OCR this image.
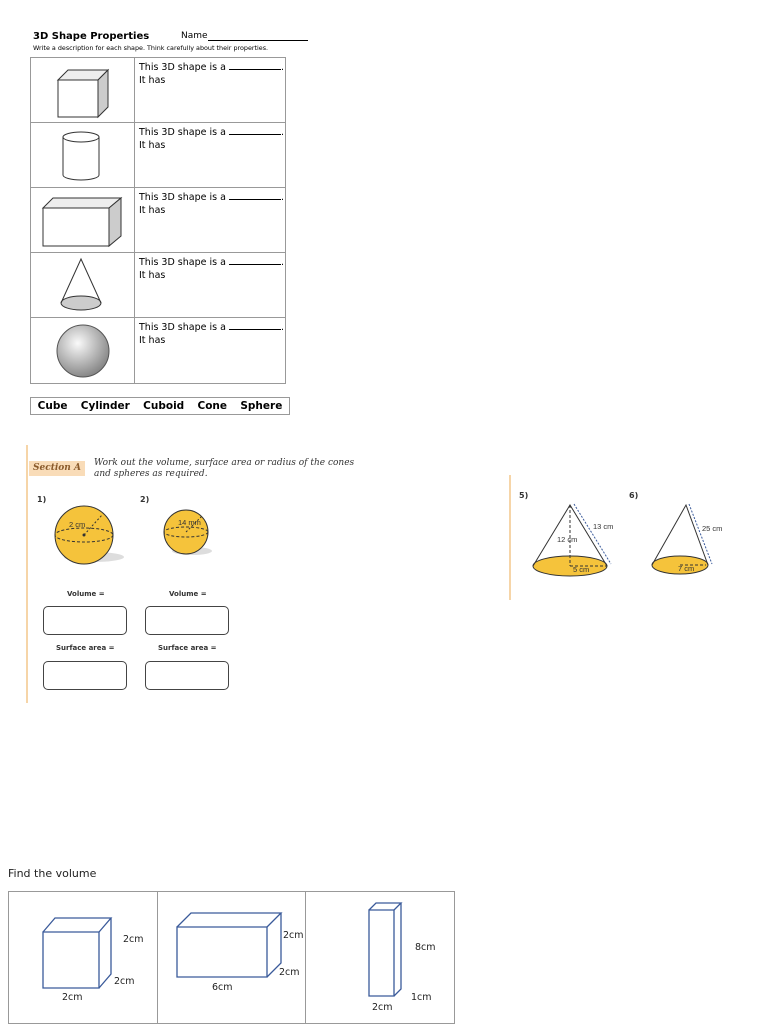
3D Shape Properties	Name
Write a description for each shape. Think carefully about their properties.
This 3D shape is a	.
It has
This 3D shape is a	.
It has
This 3D shape is a	.
It has
This 3D shape is a	.
It has
This 3D shape is a	.
It has
Cube Cylinder Cuboid Cone Sphere
Section A	Work out the volume, surface area or radius of the cones and spheres as required.
1)	2)
2 cm	14 mm
Volume =
Surface area =
Volume =
Surface area =
5)	6)
13 cm
12 cm
5 cm
25 cm
7 cm
Find the volume
2cm
2cm
2cm
2cm
2cm
6cm
8cm
1cm
2cm
